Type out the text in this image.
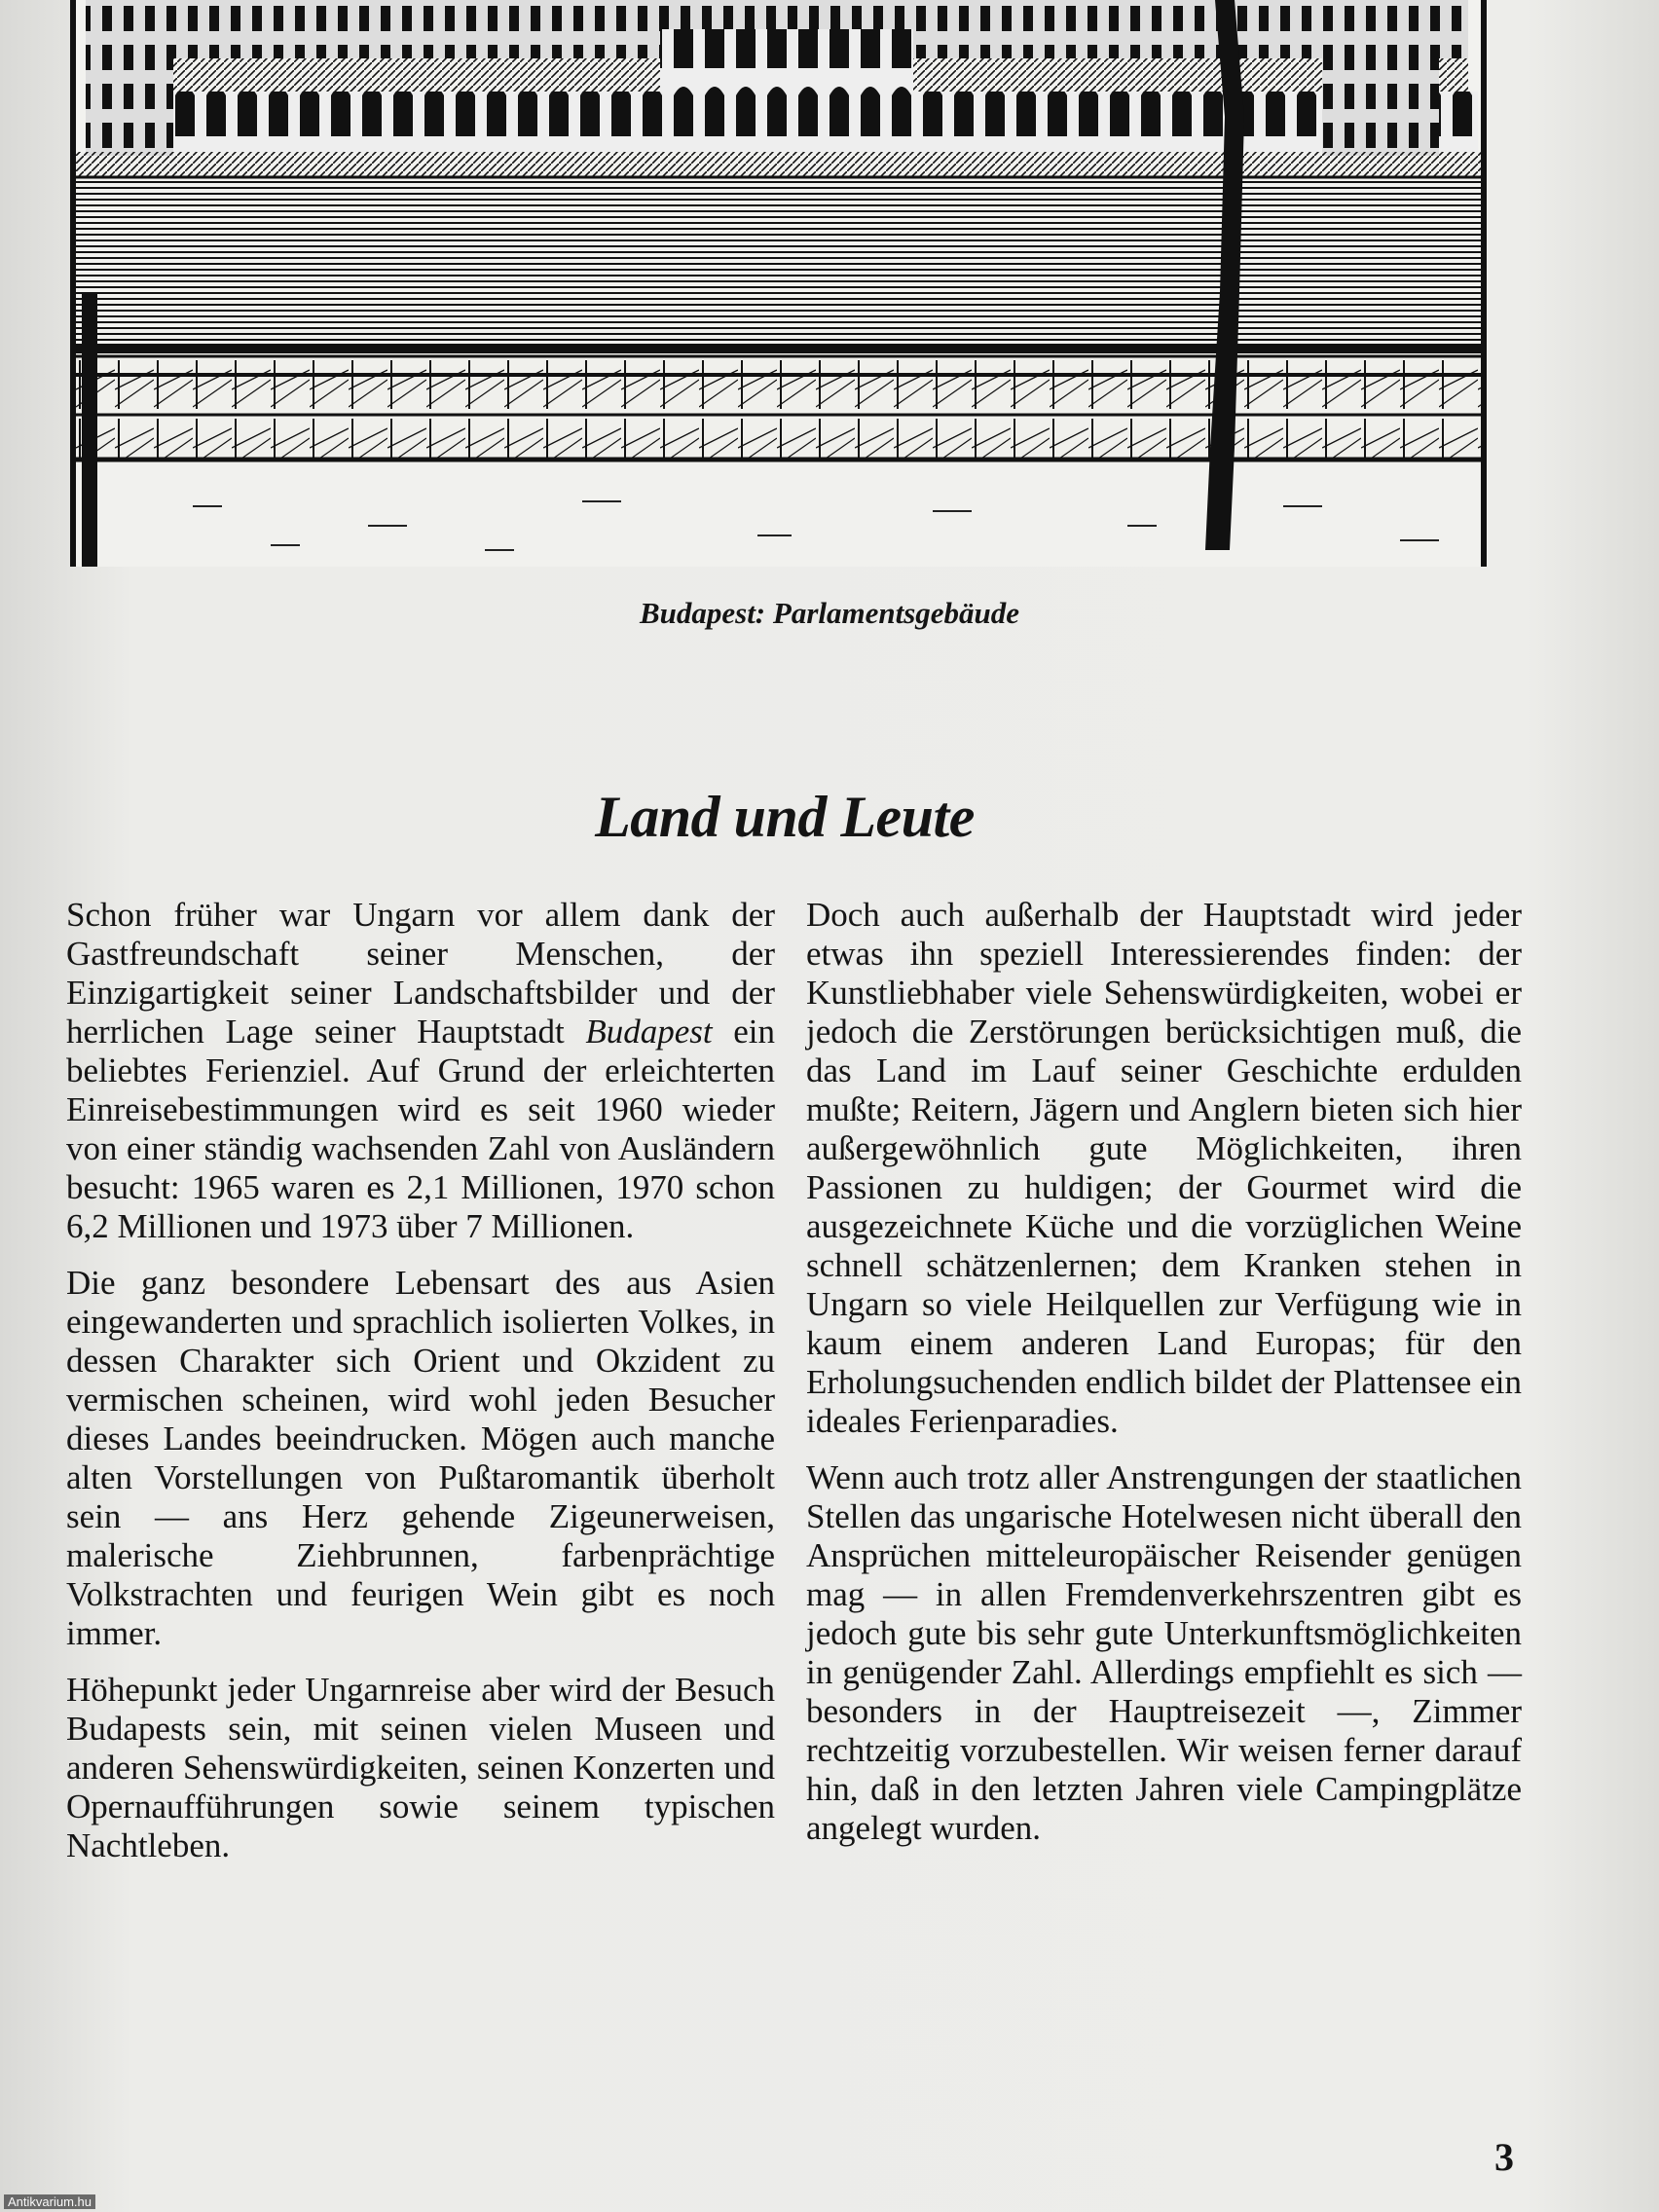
Budapest: Parlamentsgebäude
Land und Leute

Schon früher war Ungarn vor allem dank der Gastfreundschaft seiner Menschen, der Einzigartigkeit seiner Landschaftsbilder und der herrlichen Lage seiner Hauptstadt Budapest ein beliebtes Ferienziel. Auf Grund der erleichterten Einreisebestimmungen wird es seit 1960 wieder von einer ständig wachsenden Zahl von Ausländern besucht: 1965 waren es 2,1 Millionen, 1970 schon 6,2 Millionen und 1973 über 7 Millionen.

Die ganz besondere Lebensart des aus Asien eingewanderten und sprachlich isolierten Volkes, in dessen Charakter sich Orient und Okzident zu vermischen scheinen, wird wohl jeden Besucher dieses Landes beeindrucken. Mögen auch manche alten Vorstellungen von Pußtaromantik überholt sein — ans Herz gehende Zigeunerweisen, malerische Ziehbrunnen, farbenprächtige Volkstrachten und feurigen Wein gibt es noch immer.

Höhepunkt jeder Ungarnreise aber wird der Besuch Budapests sein, mit seinen vielen Museen und anderen Sehenswürdigkeiten, seinen Konzerten und Opernaufführungen sowie seinem typischen Nachtleben.

Doch auch außerhalb der Hauptstadt wird jeder etwas ihn speziell Interessierendes finden: der Kunstliebhaber viele Sehenswürdigkeiten, wobei er jedoch die Zerstörungen berücksichtigen muß, die das Land im Lauf seiner Geschichte erdulden mußte; Reitern, Jägern und Anglern bieten sich hier außergewöhnlich gute Möglichkeiten, ihren Passionen zu huldigen; der Gourmet wird die ausgezeichnete Küche und die vorzüglichen Weine schnell schätzenlernen; dem Kranken stehen in Ungarn so viele Heilquellen zur Verfügung wie in kaum einem anderen Land Europas; für den Erholungsuchenden endlich bildet der Plattensee ein ideales Ferienparadies.

Wenn auch trotz aller Anstrengungen der staatlichen Stellen das ungarische Hotelwesen nicht überall den Ansprüchen mitteleuropäischer Reisender genügen mag — in allen Fremdenverkehrszentren gibt es jedoch gute bis sehr gute Unterkunftsmöglichkeiten in genügender Zahl. Allerdings empfiehlt es sich — besonders in der Hauptreisezeit —, Zimmer rechtzeitig vorzubestellen. Wir weisen ferner darauf hin, daß in den letzten Jahren viele Campingplätze angelegt wurden.

3
Antikvarium.hu
